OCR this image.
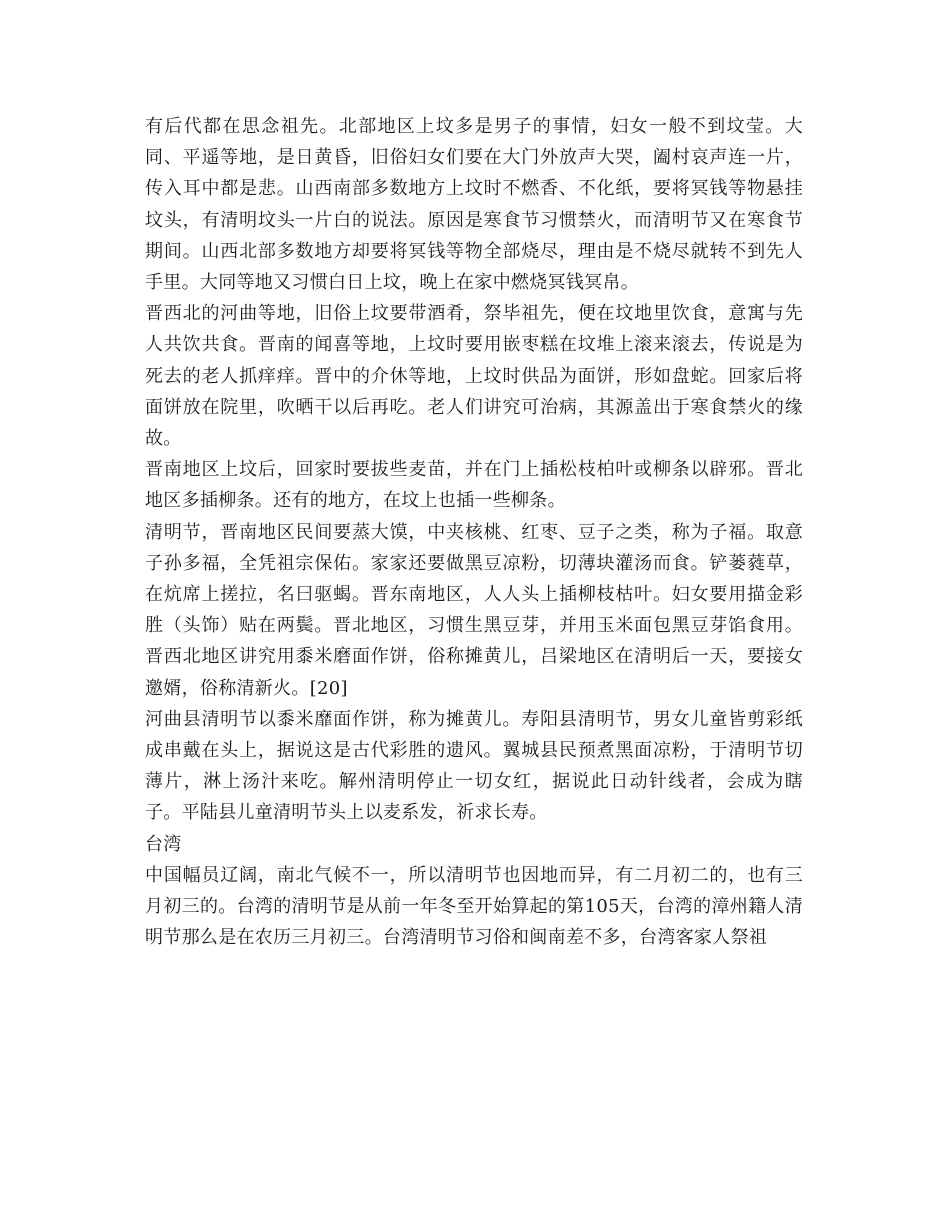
有后代都在思念祖先。北部地区上坟多是男子的事情，妇女一般不到坟莹。大同、平遥等地，是日黄昏，旧俗妇女们要在大门外放声大哭，阖村哀声连一片，传入耳中都是悲。山西南部多数地方上坟时不燃香、不化纸，要将冥钱等物悬挂坟头，有清明坟头一片白的说法。原因是寒食节习惯禁火，而清明节又在寒食节期间。山西北部多数地方却要将冥钱等物全部烧尽，理由是不烧尽就转不到先人手里。大同等地又习惯白日上坟，晚上在家中燃烧冥钱冥帛。

晋西北的河曲等地，旧俗上坟要带酒肴，祭毕祖先，便在坟地里饮食，意寓与先人共饮共食。晋南的闻喜等地，上坟时要用嵌枣糕在坟堆上滚来滚去，传说是为死去的老人抓痒痒。晋中的介休等地，上坟时供品为面饼，形如盘蛇。回家后将面饼放在院里，吹晒干以后再吃。老人们讲究可治病，其源盖出于寒食禁火的缘故。

晋南地区上坟后，回家时要拔些麦苗，并在门上插松枝柏叶或柳条以辟邪。晋北地区多插柳条。还有的地方，在坟上也插一些柳条。

清明节，晋南地区民间要蒸大馍，中夹核桃、红枣、豆子之类，称为子福。取意子孙多福，全凭祖宗保佑。家家还要做黑豆凉粉，切薄块灌汤而食。铲蒌蕤草，在炕席上搓拉，名曰驱蝎。晋东南地区，人人头上插柳枝枯叶。妇女要用描金彩胜（头饰）贴在两鬓。晋北地区，习惯生黑豆芽，并用玉米面包黑豆芽馅食用。晋西北地区讲究用黍米磨面作饼，俗称摊黄儿，吕梁地区在清明后一天，要接女邀婿，俗称清新火。[20]

河曲县清明节以黍米靡面作饼，称为摊黄儿。寿阳县清明节，男女儿童皆剪彩纸成串戴在头上，据说这是古代彩胜的遗风。翼城县民预煮黑面凉粉，于清明节切薄片，淋上汤汁来吃。解州清明停止一切女红，据说此日动针线者，会成为瞎子。平陆县儿童清明节头上以麦系发，祈求长寿。

台湾

中国幅员辽阔，南北气候不一，所以清明节也因地而异，有二月初二的，也有三月初三的。台湾的清明节是从前一年冬至开始算起的第105天，台湾的漳州籍人清明节那么是在农历三月初三。台湾清明节习俗和闽南差不多，台湾客家人祭祖
